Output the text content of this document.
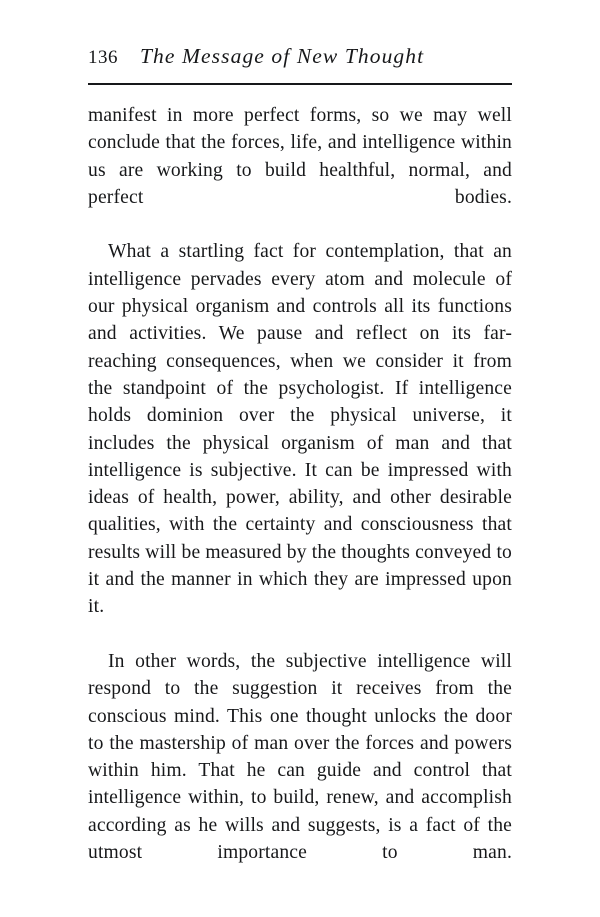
136 The Message of New Thought

manifest in more perfect forms, so we may well conclude that the forces, life, and intelligence within us are working to build healthful, normal, and perfect bodies.

What a startling fact for contemplation, that an intelligence pervades every atom and molecule of our physical organism and controls all its functions and activities. We pause and reflect on its far-reaching consequences, when we consider it from the standpoint of the psychologist. If intelligence holds dominion over the physical universe, it includes the physical organism of man and that intelligence is subjective. It can be impressed with ideas of health, power, ability, and other desirable qualities, with the certainty and consciousness that results will be measured by the thoughts conveyed to it and the manner in which they are impressed upon it.

In other words, the subjective intelligence will respond to the suggestion it receives from the conscious mind. This one thought unlocks the door to the mastership of man over the forces and powers within him. That he can guide and control that intelligence within, to build, renew, and accomplish according as he wills and suggests, is a fact of the utmost importance to man.
